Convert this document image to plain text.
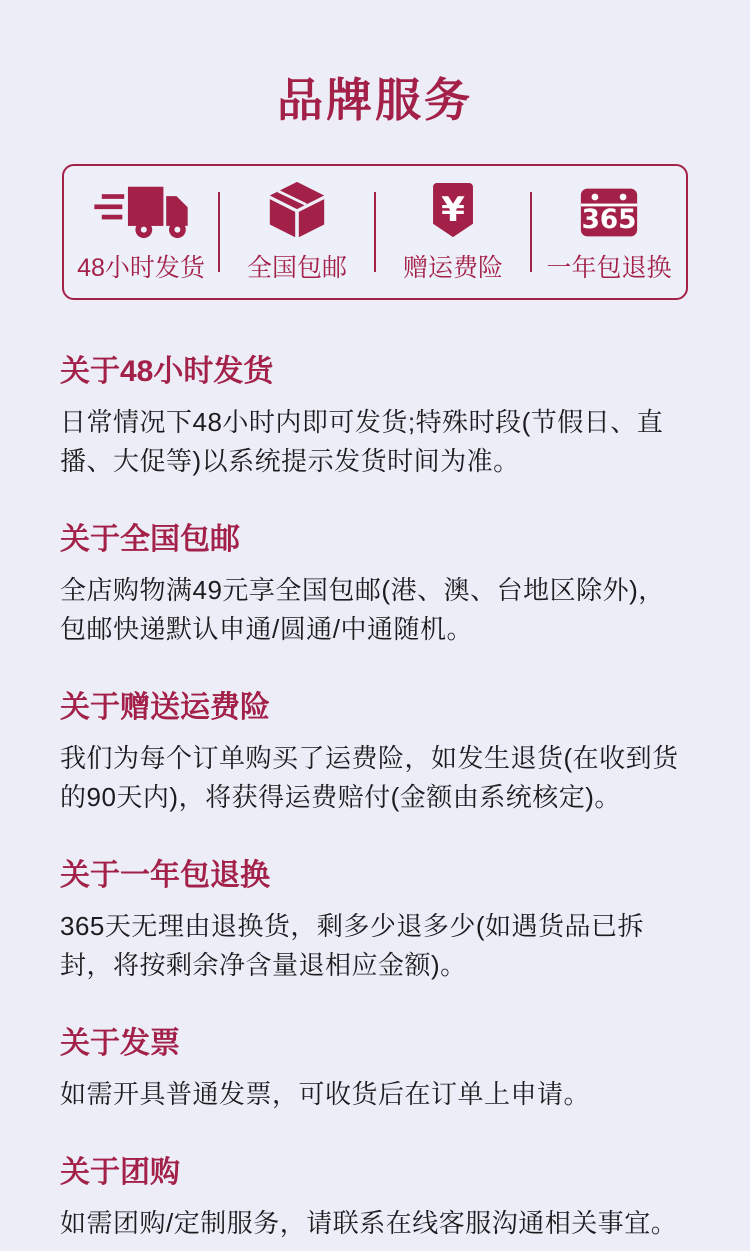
品牌服务
48小时发货 全国包邮
¥
赠运费险
365
一年包退换
关于48小时发货

日常情况下48小时内即可发货;特殊时段(节假日、直播、大促等)以系统提示发货时间为准。

关于全国包邮

全店购物满49元享全国包邮(港、澳、台地区除外)，包邮快递默认申通/圆通/中通随机。

关于赠送运费险

我们为每个订单购买了运费险，如发生退货(在收到货的90天内)，将获得运费赔付(金额由系统核定)。

关于一年包退换

365天无理由退换货，剩多少退多少(如遇货品已拆封，将按剩余净含量退相应金额)。

关于发票

如需开具普通发票，可收货后在订单上申请。

关于团购

如需团购/定制服务，请联系在线客服沟通相关事宜。
